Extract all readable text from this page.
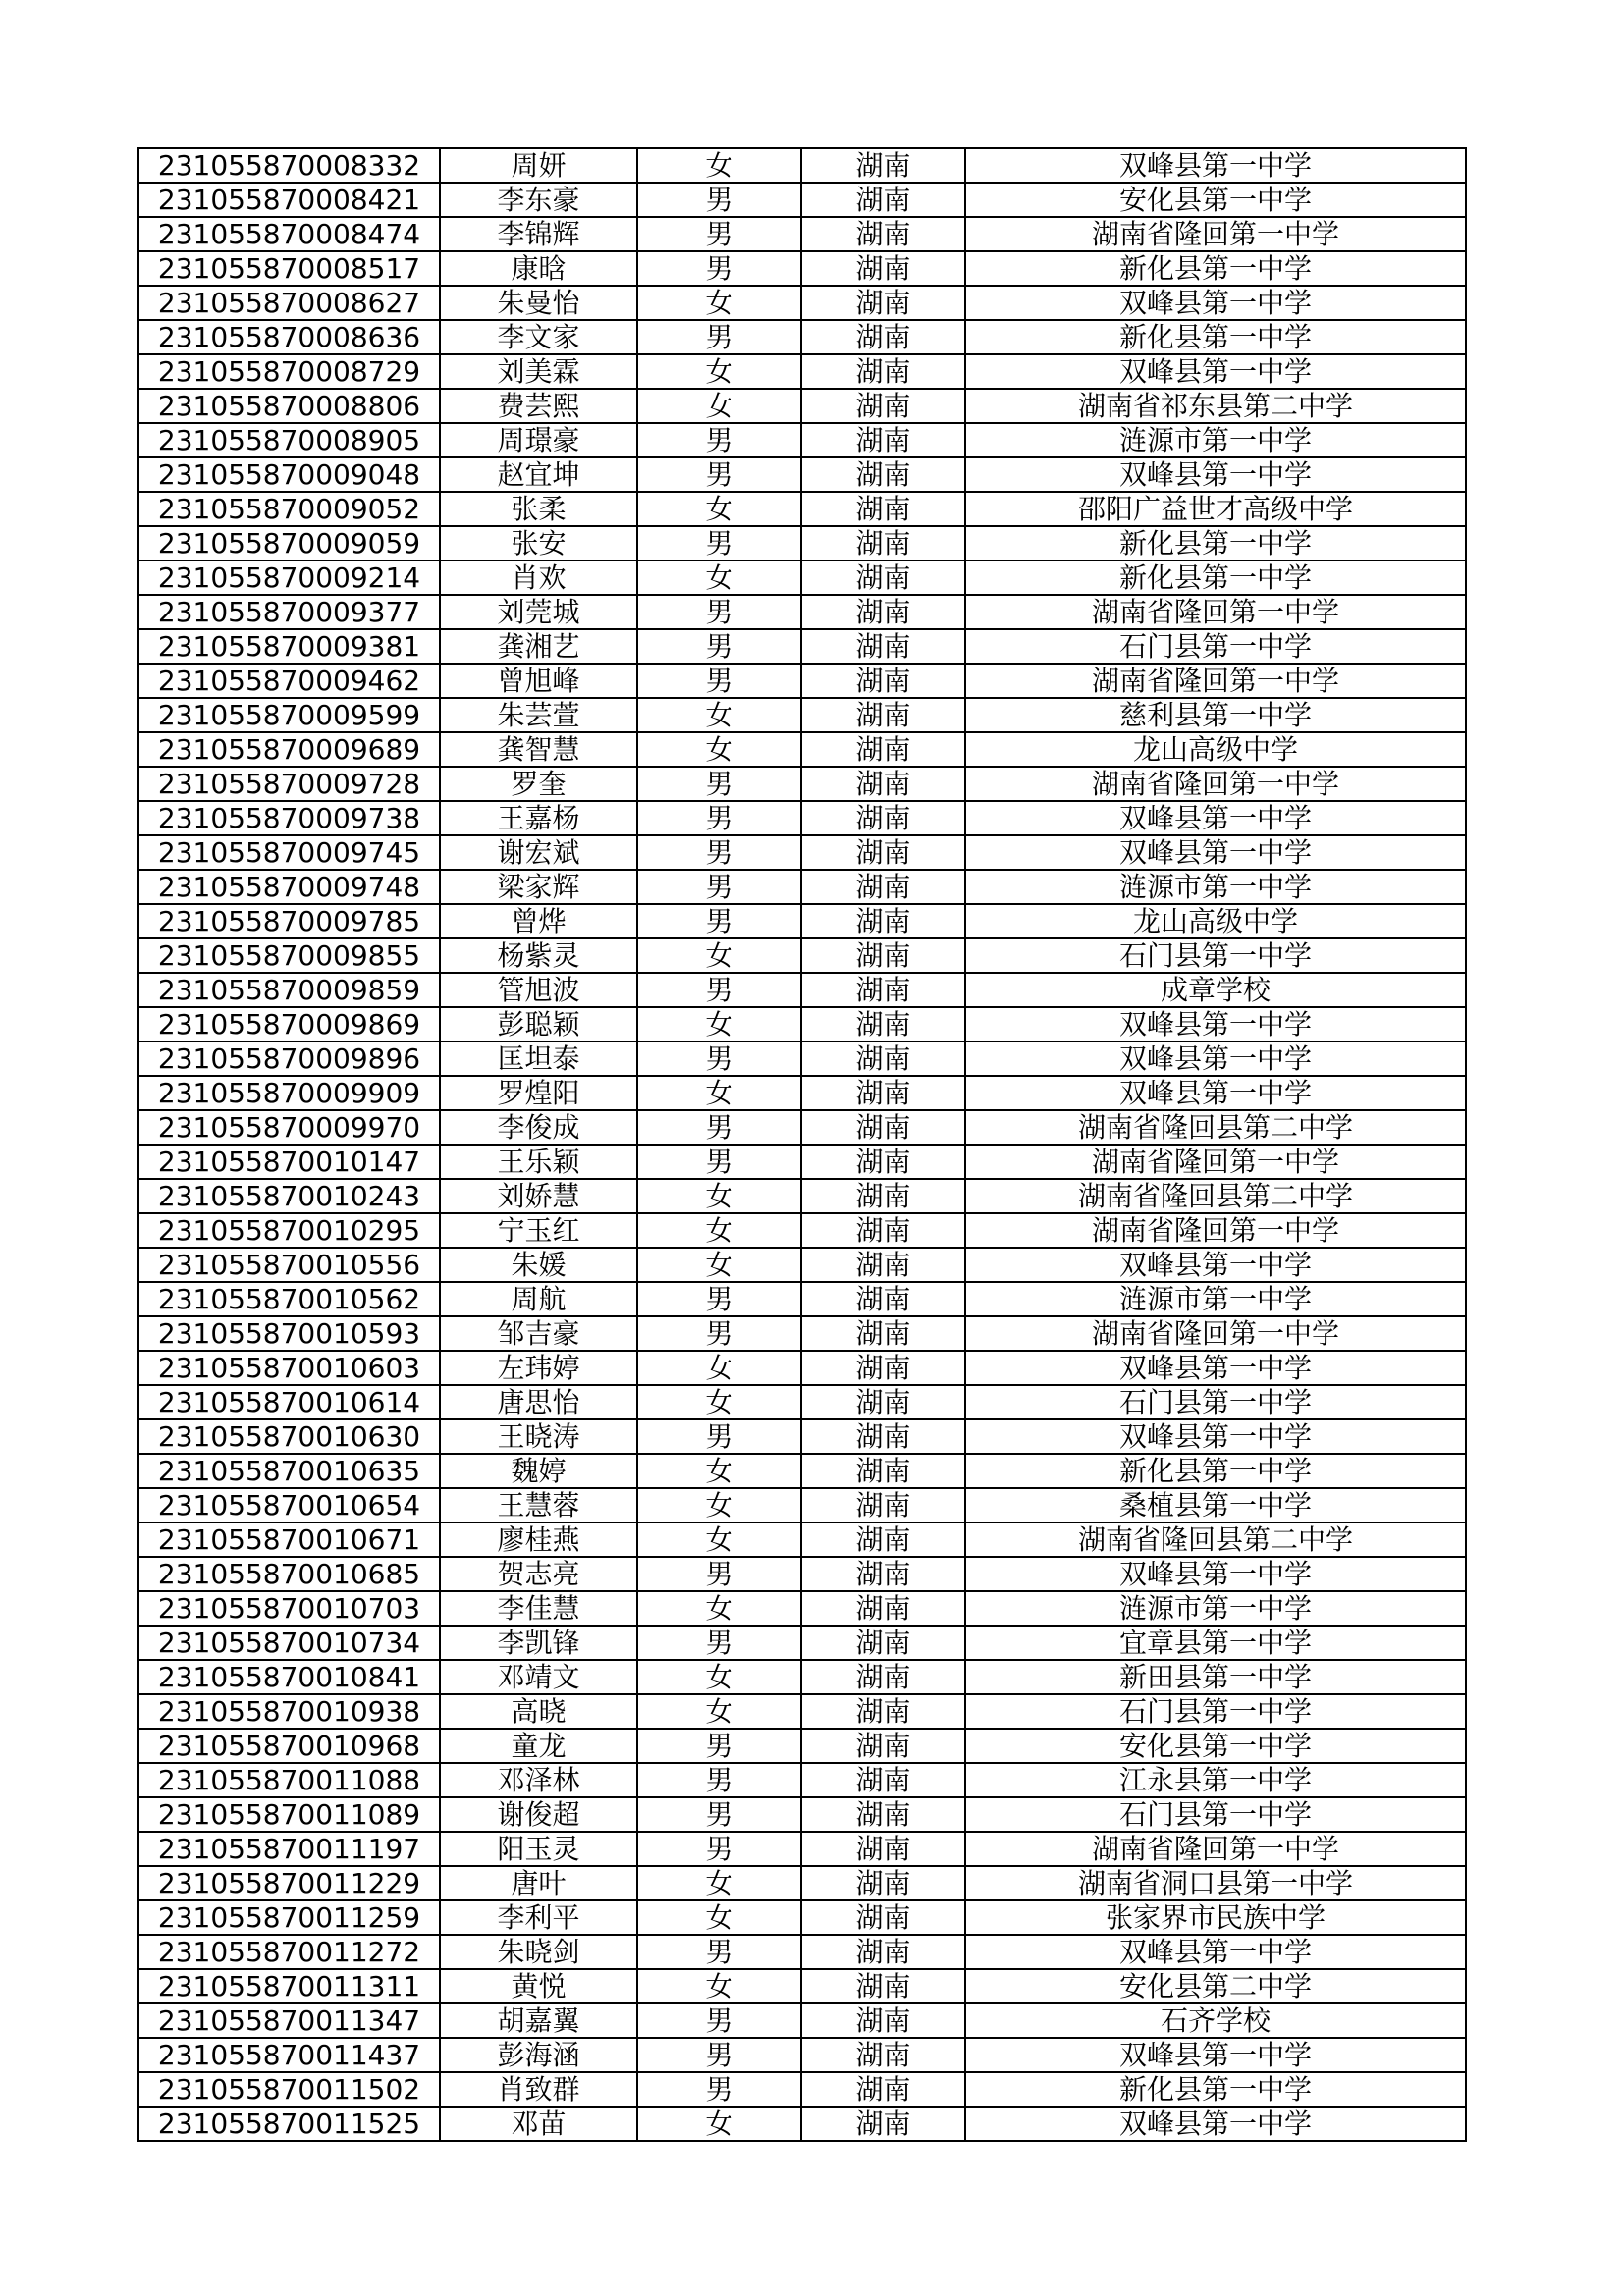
231055870008332	周妍	女	湖南	双峰县第一中学
231055870008421	李东豪	男	湖南	安化县第一中学
231055870008474	李锦辉	男	湖南	湖南省隆回第一中学
231055870008517	康晗	男	湖南	新化县第一中学
231055870008627	朱曼怡	女	湖南	双峰县第一中学
231055870008636	李文家	男	湖南	新化县第一中学
231055870008729	刘美霖	女	湖南	双峰县第一中学
231055870008806	费芸熙	女	湖南	湖南省祁东县第二中学
231055870008905	周璟豪	男	湖南	涟源市第一中学
231055870009048	赵宜坤	男	湖南	双峰县第一中学
231055870009052	张柔	女	湖南	邵阳广益世才高级中学
231055870009059	张安	男	湖南	新化县第一中学
231055870009214	肖欢	女	湖南	新化县第一中学
231055870009377	刘莞城	男	湖南	湖南省隆回第一中学
231055870009381	龚湘艺	男	湖南	石门县第一中学
231055870009462	曾旭峰	男	湖南	湖南省隆回第一中学
231055870009599	朱芸萱	女	湖南	慈利县第一中学
231055870009689	龚智慧	女	湖南	龙山高级中学
231055870009728	罗奎	男	湖南	湖南省隆回第一中学
231055870009738	王嘉杨	男	湖南	双峰县第一中学
231055870009745	谢宏斌	男	湖南	双峰县第一中学
231055870009748	梁家辉	男	湖南	涟源市第一中学
231055870009785	曾烨	男	湖南	龙山高级中学
231055870009855	杨紫灵	女	湖南	石门县第一中学
231055870009859	管旭波	男	湖南	成章学校
231055870009869	彭聪颖	女	湖南	双峰县第一中学
231055870009896	匡坦泰	男	湖南	双峰县第一中学
231055870009909	罗煌阳	女	湖南	双峰县第一中学
231055870009970	李俊成	男	湖南	湖南省隆回县第二中学
231055870010147	王乐颖	男	湖南	湖南省隆回第一中学
231055870010243	刘娇慧	女	湖南	湖南省隆回县第二中学
231055870010295	宁玉红	女	湖南	湖南省隆回第一中学
231055870010556	朱媛	女	湖南	双峰县第一中学
231055870010562	周航	男	湖南	涟源市第一中学
231055870010593	邹吉豪	男	湖南	湖南省隆回第一中学
231055870010603	左玮婷	女	湖南	双峰县第一中学
231055870010614	唐思怡	女	湖南	石门县第一中学
231055870010630	王晓涛	男	湖南	双峰县第一中学
231055870010635	魏婷	女	湖南	新化县第一中学
231055870010654	王慧蓉	女	湖南	桑植县第一中学
231055870010671	廖桂燕	女	湖南	湖南省隆回县第二中学
231055870010685	贺志亮	男	湖南	双峰县第一中学
231055870010703	李佳慧	女	湖南	涟源市第一中学
231055870010734	李凯锋	男	湖南	宜章县第一中学
231055870010841	邓靖文	女	湖南	新田县第一中学
231055870010938	高晓	女	湖南	石门县第一中学
231055870010968	童龙	男	湖南	安化县第一中学
231055870011088	邓泽林	男	湖南	江永县第一中学
231055870011089	谢俊超	男	湖南	石门县第一中学
231055870011197	阳玉灵	男	湖南	湖南省隆回第一中学
231055870011229	唐叶	女	湖南	湖南省洞口县第一中学
231055870011259	李利平	女	湖南	张家界市民族中学
231055870011272	朱晓剑	男	湖南	双峰县第一中学
231055870011311	黄悦	女	湖南	安化县第二中学
231055870011347	胡嘉翼	男	湖南	石齐学校
231055870011437	彭海涵	男	湖南	双峰县第一中学
231055870011502	肖致群	男	湖南	新化县第一中学
231055870011525	邓苗	女	湖南	双峰县第一中学
